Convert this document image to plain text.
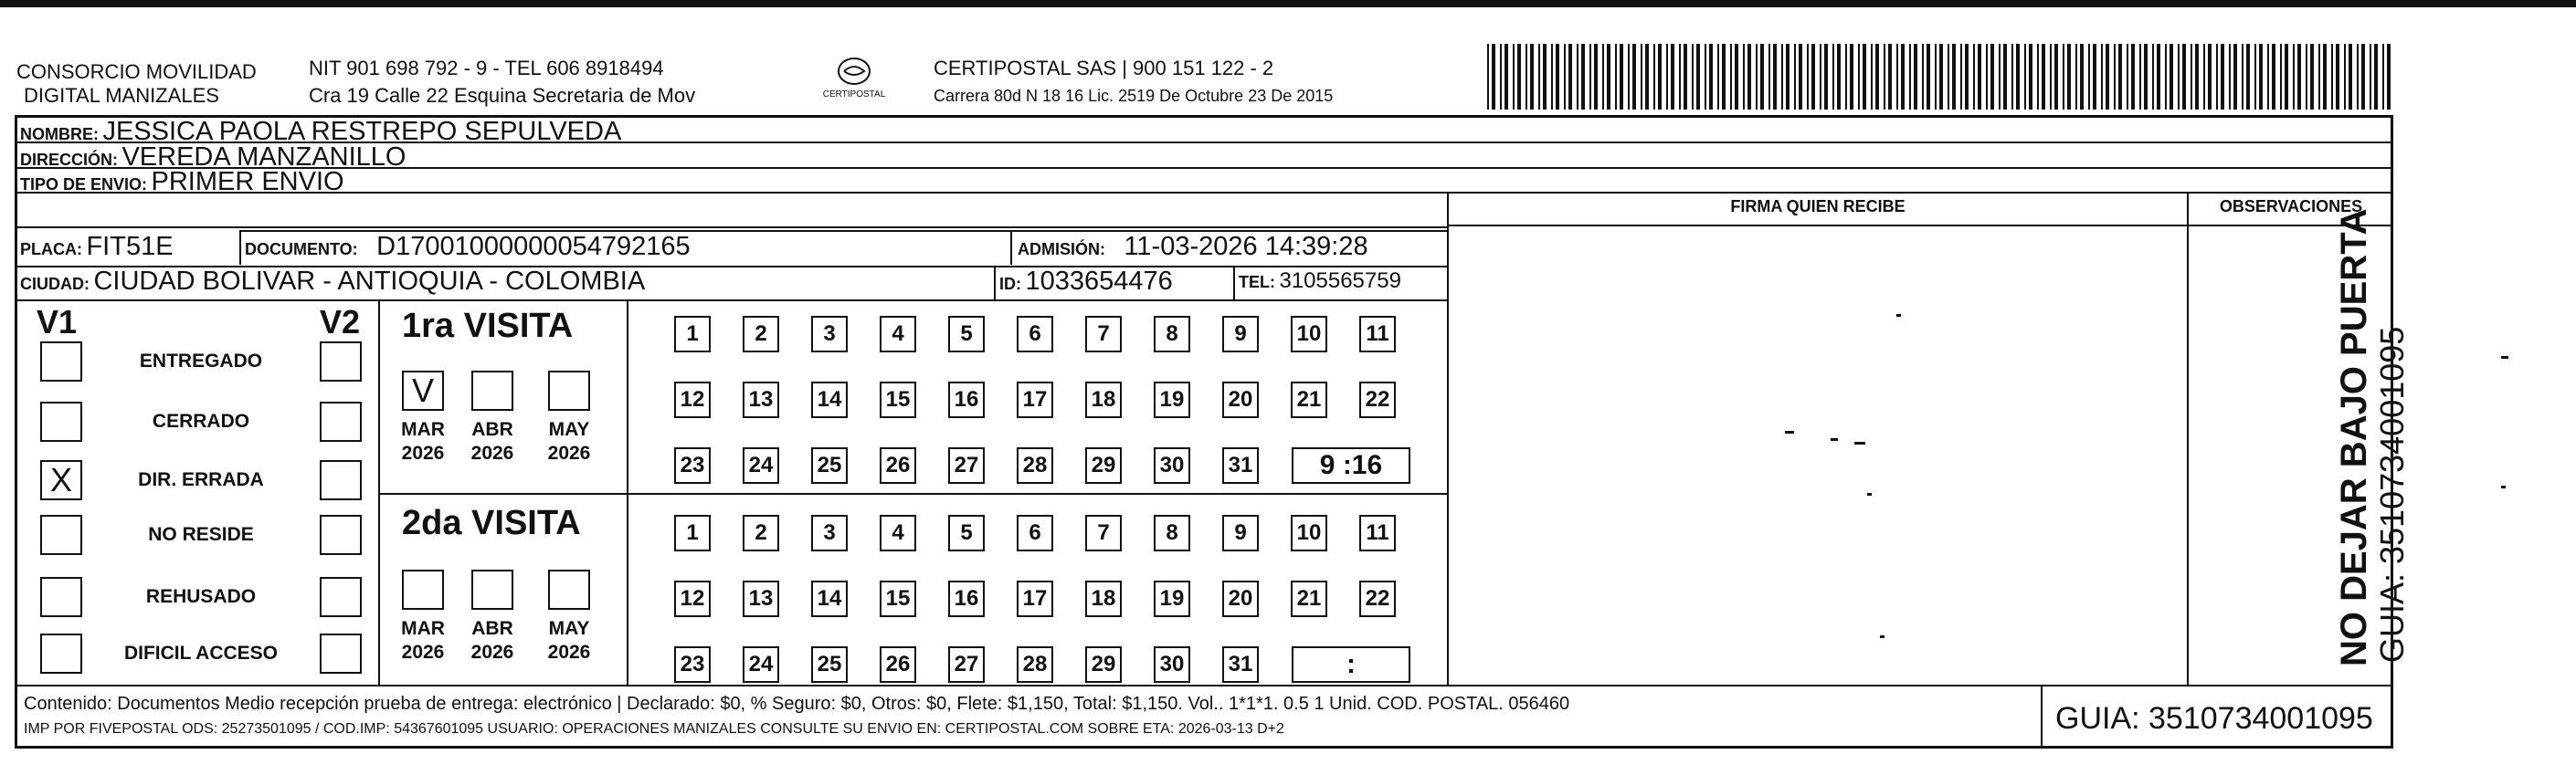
CONSORCIO MOVILIDAD
DIGITAL MANIZALES
NIT 901 698 792 - 9 - TEL 606 8918494
Cra 19 Calle 22 Esquina Secretaria de Mov	CERTIPOSTAL
CERTIPOSTAL SAS | 900 151 122 - 2
Carrera 80d N 18 16 Lic. 2519 De Octubre 23 De 2015
NOMBRE: JESSICA PAOLA RESTREPO SEPULVEDA
DIRECCIÓN: VEREDA MANZANILLO
TIPO DE ENVIO: PRIMER ENVIO
FIRMA QUIEN RECIBE	OBSERVACIONES
PLACA: FIT51E	DOCUMENTO: D17001000000054792165	ADMISIÓN: 11-03-2026 14:39:28
CIUDAD: CIUDAD BOLIVAR - ANTIOQUIA - COLOMBIA	ID: 1033654476	TEL: 3105565759
V1	V2
ENTREGADO
CERRADO
X	DIR. ERRADA
NO RESIDE
REHUSADO
DIFICIL ACCESO
1ra VISITA
2da VISITA
V
MAR
2026
ABR
2026
MAY
2026
1	2	3	4	5	6	7	8	9	10	11
12 13 14 15 16 17 18 19 20 21 22
23 24 25 26 27 28 29 30 31	9 :16
MAR
2026
ABR
2026
MAY
2026
1	2	3	4	5	6	7	8	9	10	11
12 13 14 15 16 17 18 19 20 21 22
23 24 25 26 27 28 29 30 31	:
Contenido: Documentos Medio recepción prueba de entrega: electrónico | Declarado: $0, % Seguro: $0, Otros: $0, Flete: $1,150, Total: $1,150. Vol.. 1*1*1. 0.5 1 Unid. COD. POSTAL. 056460
IMP POR FIVEPOSTAL ODS: 25273501095 / COD.IMP: 54367601095 USUARIO: OPERACIONES MANIZALES CONSULTE SU ENVIO EN: CERTIPOSTAL.COM SOBRE ETA: 2026-03-13 D+2	GUIA: 3510734001095
NO DEJAR BAJO PUERTA GUIA: 3510734001095
